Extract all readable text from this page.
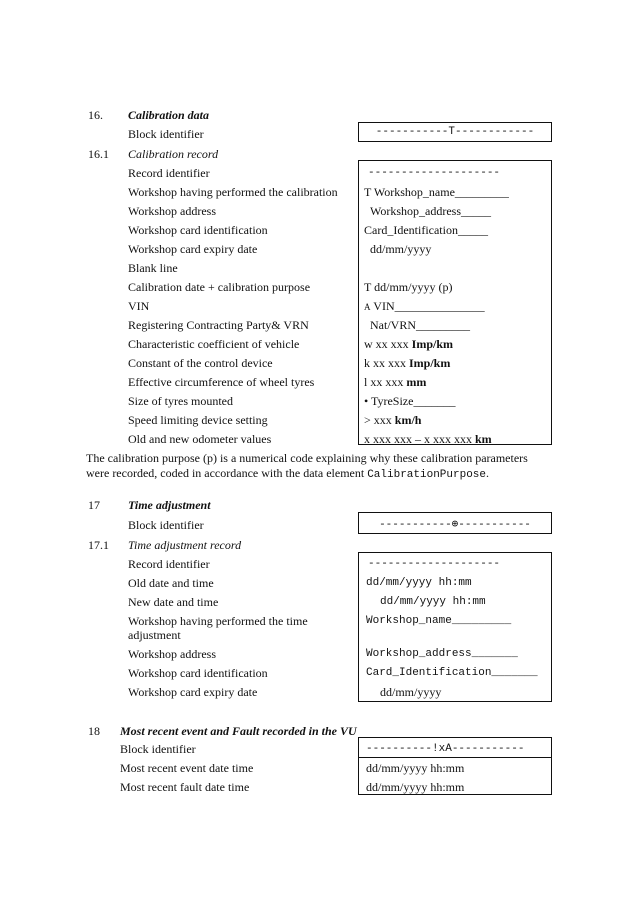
16. Calibration data
Block identifier	-----------T------------
16.1 Calibration record
Record identifier
Workshop having performed the calibration
Workshop address
Workshop card identification
Workshop card expiry date
Blank line
Calibration date + calibration purpose
VIN
Registering Contracting Party& VRN
Characteristic coefficient of vehicle
Constant of the control device
Effective circumference of wheel tyres
Size of tyres mounted
Speed limiting device setting
Old and new odometer values
--------------------
T Workshop_name_________
Workshop_address_____
Card_Identification_____
dd/mm/yyyy
T dd/mm/yyyy (p)
A VIN_______________
Nat/VRN_________
w xx xxx Imp/km
k xx xxx Imp/km
l xx xxx mm
• TyreSize_______
> xxx km/h
x xxx xxx – x xxx xxx km
The calibration purpose (p) is a numerical code explaining why these calibration parameters
were recorded, coded in accordance with the data element CalibrationPurpose.
17 Time adjustment
Block identifier	-----------⊕-----------
17.1 Time adjustment record
Record identifier
Old date and time
New date and time
Workshop having performed the time
adjustment
Workshop address
Workshop card identification
Workshop card expiry date
--------------------
dd/mm/yyyy hh:mm
dd/mm/yyyy hh:mm
Workshop_name_________
Workshop_address_______
Card_Identification_______
dd/mm/yyyy
18 Most recent event and Fault recorded in the VU
Block identifier
Most recent event date time
Most recent fault date time
----------!xA-----------
dd/mm/yyyy hh:mm
dd/mm/yyyy hh:mm
